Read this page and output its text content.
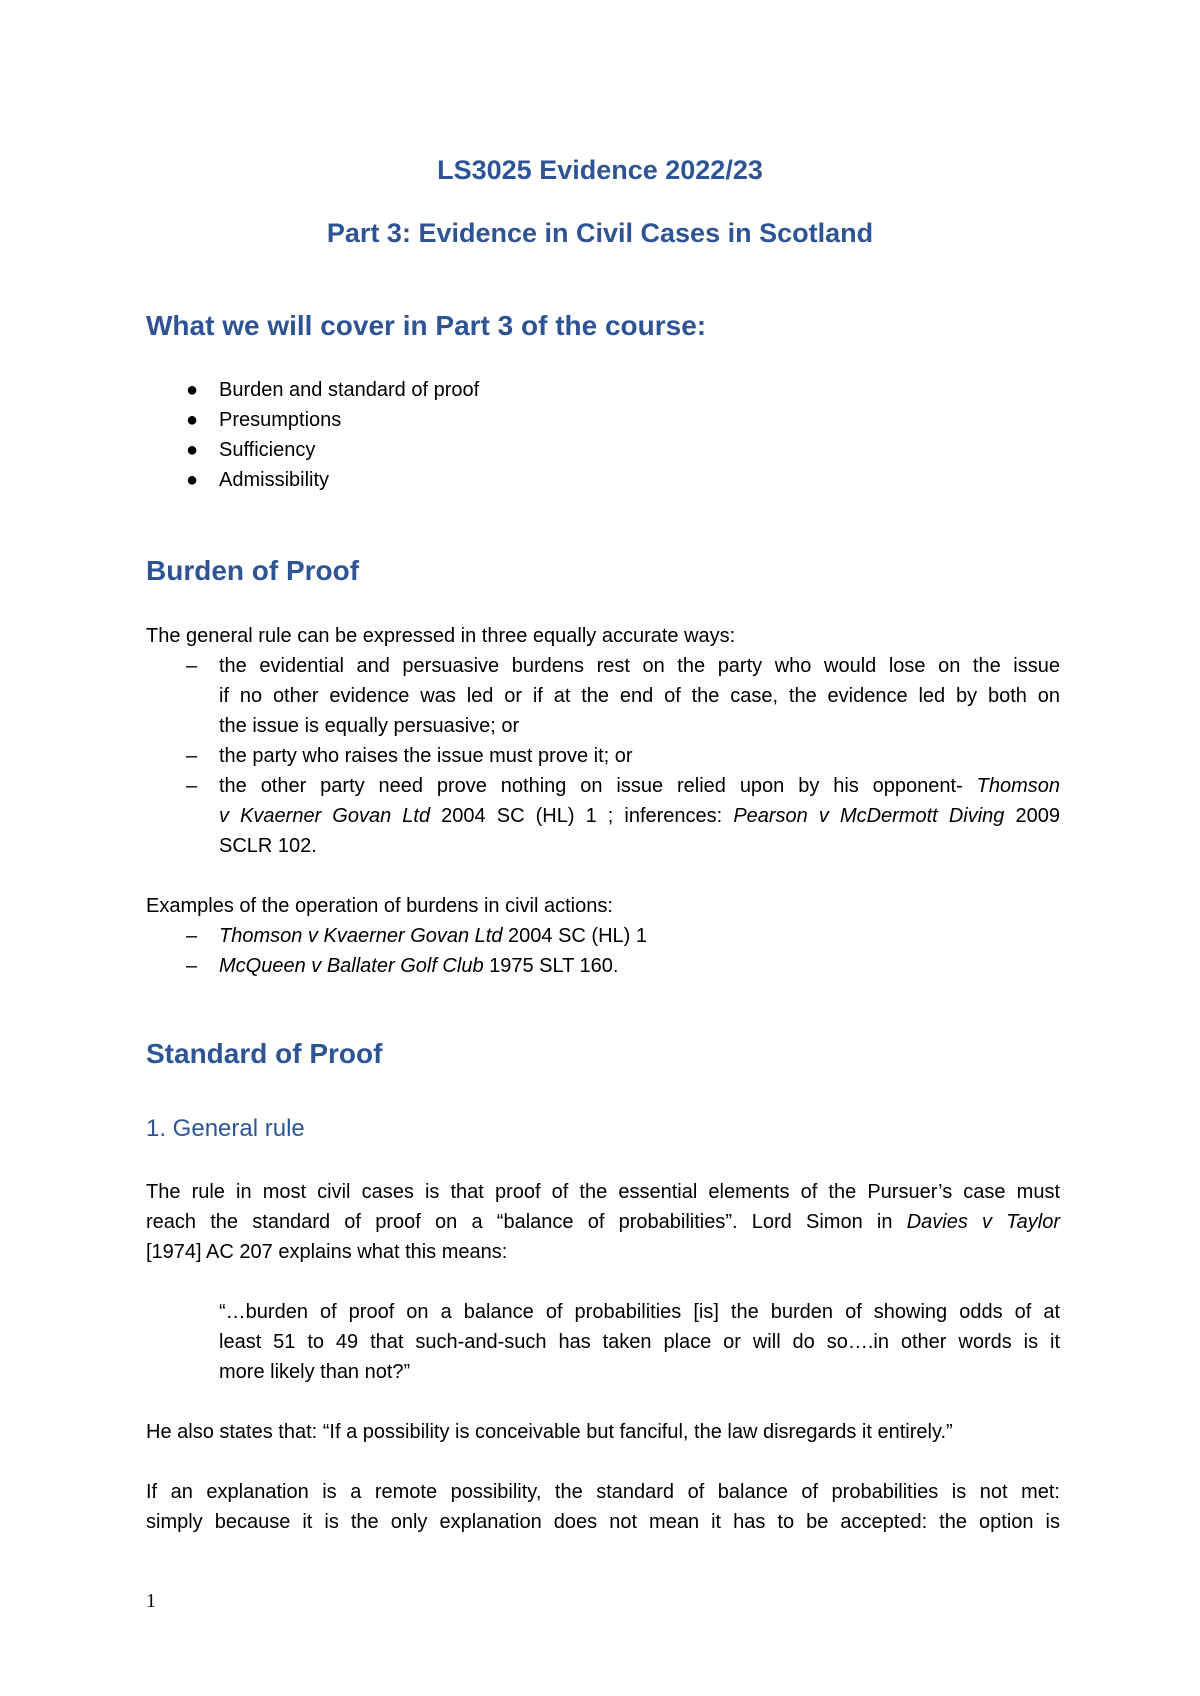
LS3025 Evidence 2022/23
Part 3: Evidence in Civil Cases in Scotland
What we will cover in Part 3 of the course:
● Burden and standard of proof
● Presumptions
● Sufficiency
● Admissibility
Burden of Proof
The general rule can be expressed in three equally accurate ways:
– the evidential and persuasive burdens rest on the party who would lose on the issue
if no other evidence was led or if at the end of the case, the evidence led by both on
the issue is equally persuasive; or
– the party who raises the issue must prove it; or
– the other party need prove nothing on issue relied upon by his opponent- Thomson
v Kvaerner Govan Ltd 2004 SC (HL) 1 ; inferences: Pearson v McDermott Diving 2009
SCLR 102.
Examples of the operation of burdens in civil actions:
– Thomson v Kvaerner Govan Ltd 2004 SC (HL) 1
– McQueen v Ballater Golf Club 1975 SLT 160.
Standard of Proof
1. General rule
The rule in most civil cases is that proof of the essential elements of the Pursuer’s case must
reach the standard of proof on a “balance of probabilities”. Lord Simon in Davies v Taylor
[1974] AC 207 explains what this means:
“…burden of proof on a balance of probabilities [is] the burden of showing odds of at
least 51 to 49 that such-and-such has taken place or will do so….in other words is it
more likely than not?”
He also states that: “If a possibility is conceivable but fanciful, the law disregards it entirely.”
If an explanation is a remote possibility, the standard of balance of probabilities is not met:
simply because it is the only explanation does not mean it has to be accepted: the option is
1
